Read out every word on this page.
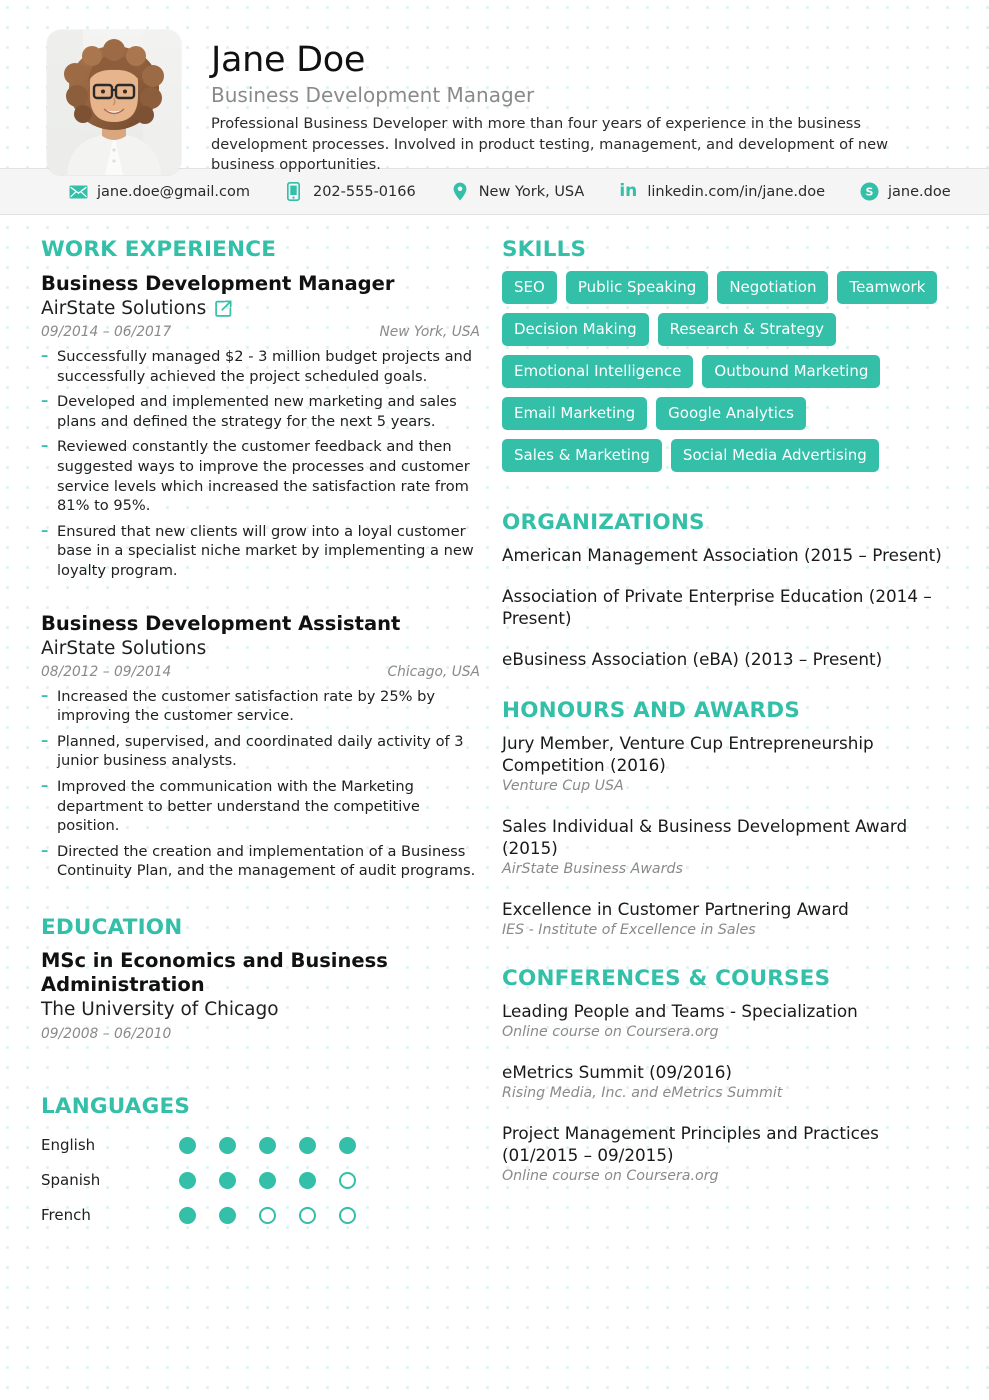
Jane Doe
Business Development Manager

Professional Business Developer with more than four years of experience in the business development processes. Involved in product testing, management, and development of new business opportunities.

jane.doe@gmail.com	202-555-0166	New York, USA in linkedin.com/in/jane.doe	S jane.doe
WORK EXPERIENCE
Business Development Manager
AirState Solutions
09/2014 – 06/2017	New York, USA
– Successfully managed $2 - 3 million budget projects and successfully achieved the project scheduled goals.
– Developed and implemented new marketing and sales plans and defined the strategy for the next 5 years.
– Reviewed constantly the customer feedback and then suggested ways to improve the processes and customer service levels which increased the satisfaction rate from 81% to 95%.
– Ensured that new clients will grow into a loyal customer base in a specialist niche market by implementing a new loyalty program.
Business Development Assistant
AirState Solutions
08/2012 – 09/2014	Chicago, USA
– Increased the customer satisfaction rate by 25% by improving the customer service.
– Planned, supervised, and coordinated daily activity of 3 junior business analysts.
– Improved the communication with the Marketing department to better understand the competitive position.
– Directed the creation and implementation of a Business Continuity Plan, and the management of audit programs.
EDUCATION
MSc in Economics and Business Administration
The University of Chicago
09/2008 – 06/2010
LANGUAGES
English
Spanish
French
SKILLS
SEO	Public Speaking	Negotiation	Teamwork
Decision Making	Research & Strategy
Emotional Intelligence	Outbound Marketing
Email Marketing	Google Analytics
Sales & Marketing	Social Media Advertising
ORGANIZATIONS
American Management Association (2015 – Present)
Association of Private Enterprise Education (2014 – Present)
eBusiness Association (eBA) (2013 – Present)
HONOURS AND AWARDS
Jury Member, Venture Cup Entrepreneurship Competition (2016)
Venture Cup USA
Sales Individual & Business Development Award (2015)
AirState Business Awards
Excellence in Customer Partnering Award
IES - Institute of Excellence in Sales
CONFERENCES & COURSES
Leading People and Teams - Specialization
Online course on Coursera.org
eMetrics Summit (09/2016)
Rising Media, Inc. and eMetrics Summit
Project Management Principles and Practices (01/2015 – 09/2015)
Online course on Coursera.org
